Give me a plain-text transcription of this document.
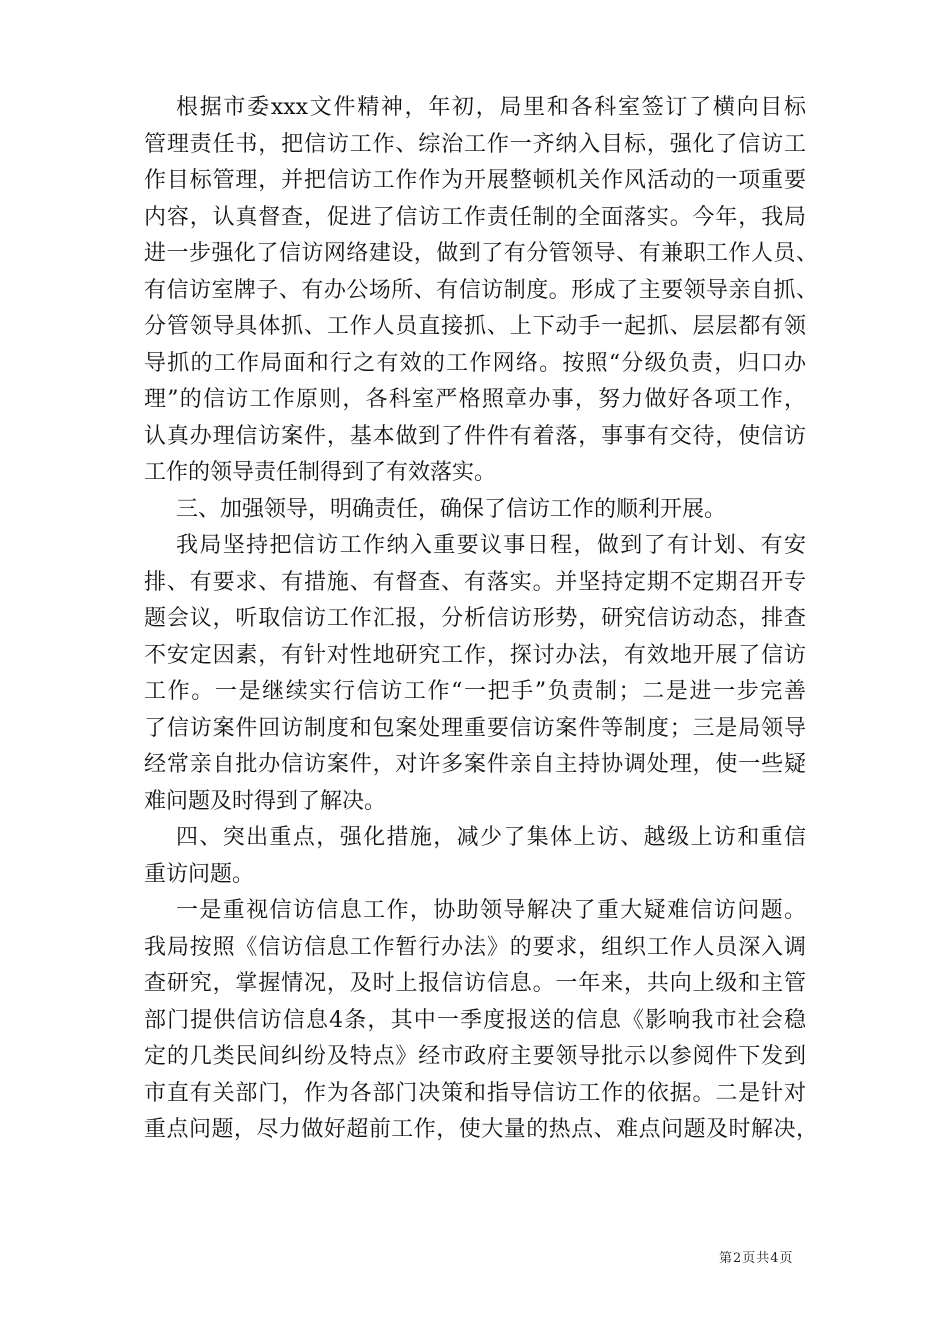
根据市委xxx文件精神，年初，局里和各科室签订了横向目标
管理责任书，把信访工作、综治工作一齐纳入目标，强化了信访工
作目标管理，并把信访工作作为开展整顿机关作风活动的一项重要
内容，认真督查，促进了信访工作责任制的全面落实。今年，我局
进一步强化了信访网络建设，做到了有分管领导、有兼职工作人员、
有信访室牌子、有办公场所、有信访制度。形成了主要领导亲自抓、
分管领导具体抓、工作人员直接抓、上下动手一起抓、层层都有领
导抓的工作局面和行之有效的工作网络。按照“分级负责，归口办
理”的信访工作原则，各科室严格照章办事，努力做好各项工作，
认真办理信访案件，基本做到了件件有着落，事事有交待，使信访
工作的领导责任制得到了有效落实。
三、加强领导，明确责任，确保了信访工作的顺利开展。
我局坚持把信访工作纳入重要议事日程，做到了有计划、有安
排、有要求、有措施、有督查、有落实。并坚持定期不定期召开专
题会议，听取信访工作汇报，分析信访形势，研究信访动态，排查
不安定因素，有针对性地研究工作，探讨办法，有效地开展了信访
工作。一是继续实行信访工作“一把手”负责制；二是进一步完善
了信访案件回访制度和包案处理重要信访案件等制度；三是局领导
经常亲自批办信访案件，对许多案件亲自主持协调处理，使一些疑
难问题及时得到了解决。
四、突出重点，强化措施，减少了集体上访、越级上访和重信
重访问题。
一是重视信访信息工作，协助领导解决了重大疑难信访问题。
我局按照《信访信息工作暂行办法》的要求，组织工作人员深入调
查研究，掌握情况，及时上报信访信息。一年来，共向上级和主管
部门提供信访信息4条，其中一季度报送的信息《影响我市社会稳
定的几类民间纠纷及特点》经市政府主要领导批示以参阅件下发到
市直有关部门，作为各部门决策和指导信访工作的依据。二是针对
重点问题，尽力做好超前工作，使大量的热点、难点问题及时解决，
第2页共4页
